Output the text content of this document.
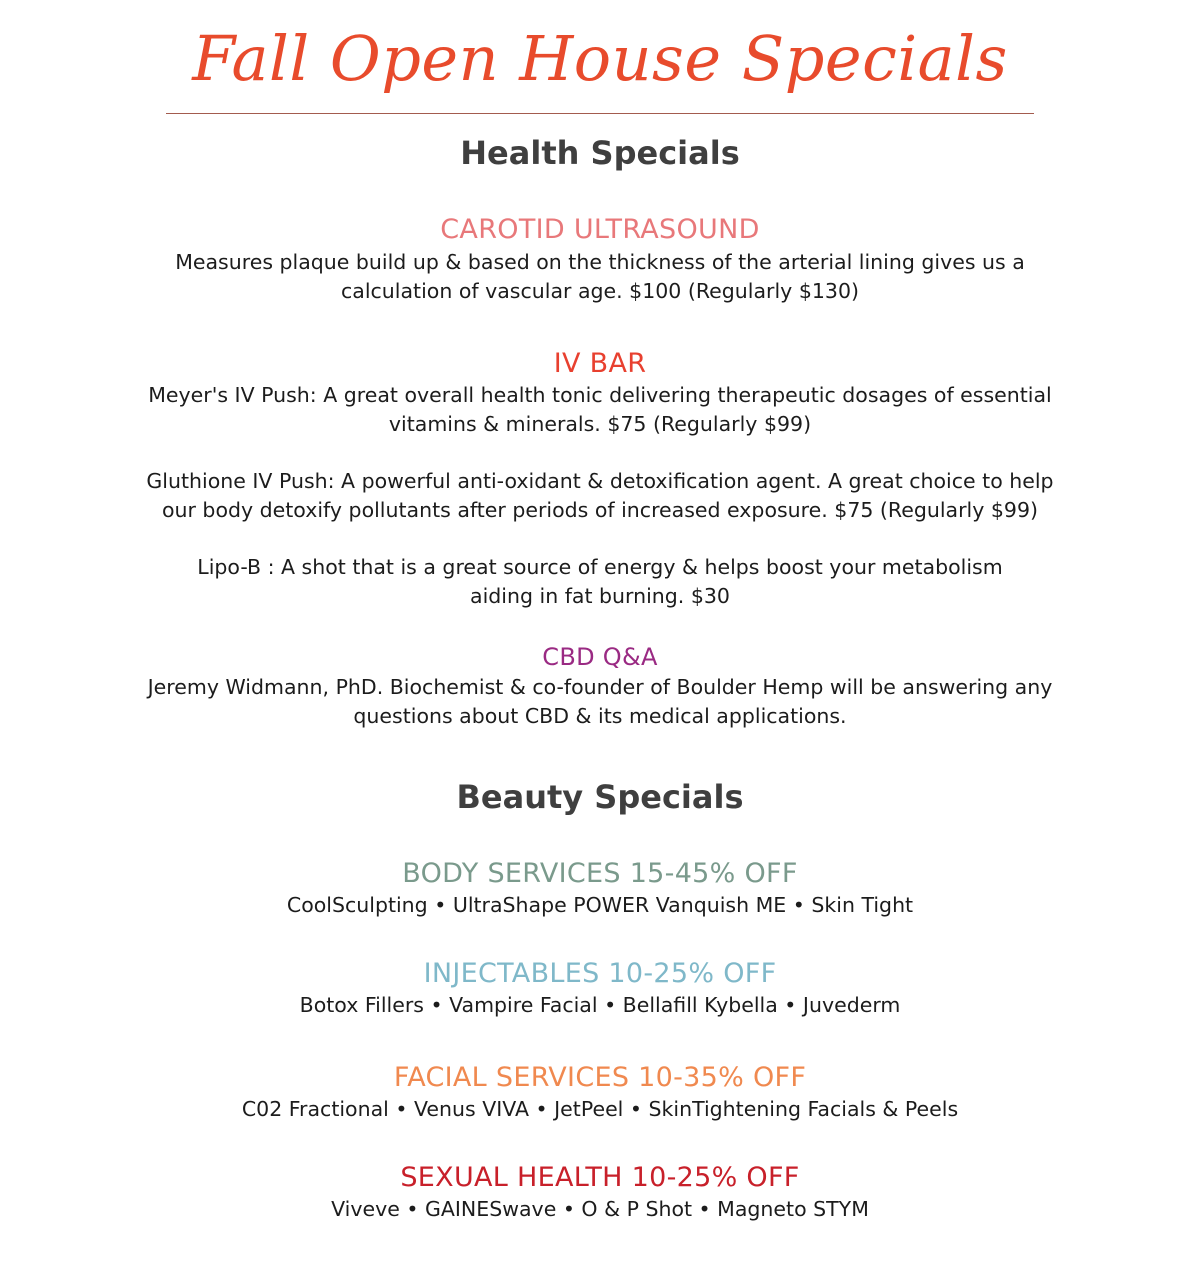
Fall Open House Specials
Health Specials
CAROTID ULTRASOUND
Measures plaque build up & based on the thickness of the arterial lining gives us a
calculation of vascular age. $100 (Regularly $130)
IV BAR
Meyer's IV Push: A great overall health tonic delivering therapeutic dosages of essential
vitamins & minerals. $75 (Regularly $99)
Gluthione IV Push: A powerful anti-oxidant & detoxification agent. A great choice to help
our body detoxify pollutants after periods of increased exposure. $75 (Regularly $99)
Lipo-B : A shot that is a great source of energy & helps boost your metabolism
aiding in fat burning. $30
CBD Q&A
Jeremy Widmann, PhD. Biochemist & co-founder of Boulder Hemp will be answering any
questions about CBD & its medical applications.
Beauty Specials
BODY SERVICES 15-45% OFF
CoolSculpting • UltraShape POWER Vanquish ME • Skin Tight
INJECTABLES 10-25% OFF
Botox Fillers • Vampire Facial • Bellafill Kybella • Juvederm
FACIAL SERVICES 10-35% OFF
C02 Fractional • Venus VIVA • JetPeel • SkinTightening Facials & Peels
SEXUAL HEALTH 10-25% OFF
Viveve • GAINESwave • O & P Shot • Magneto STYM
